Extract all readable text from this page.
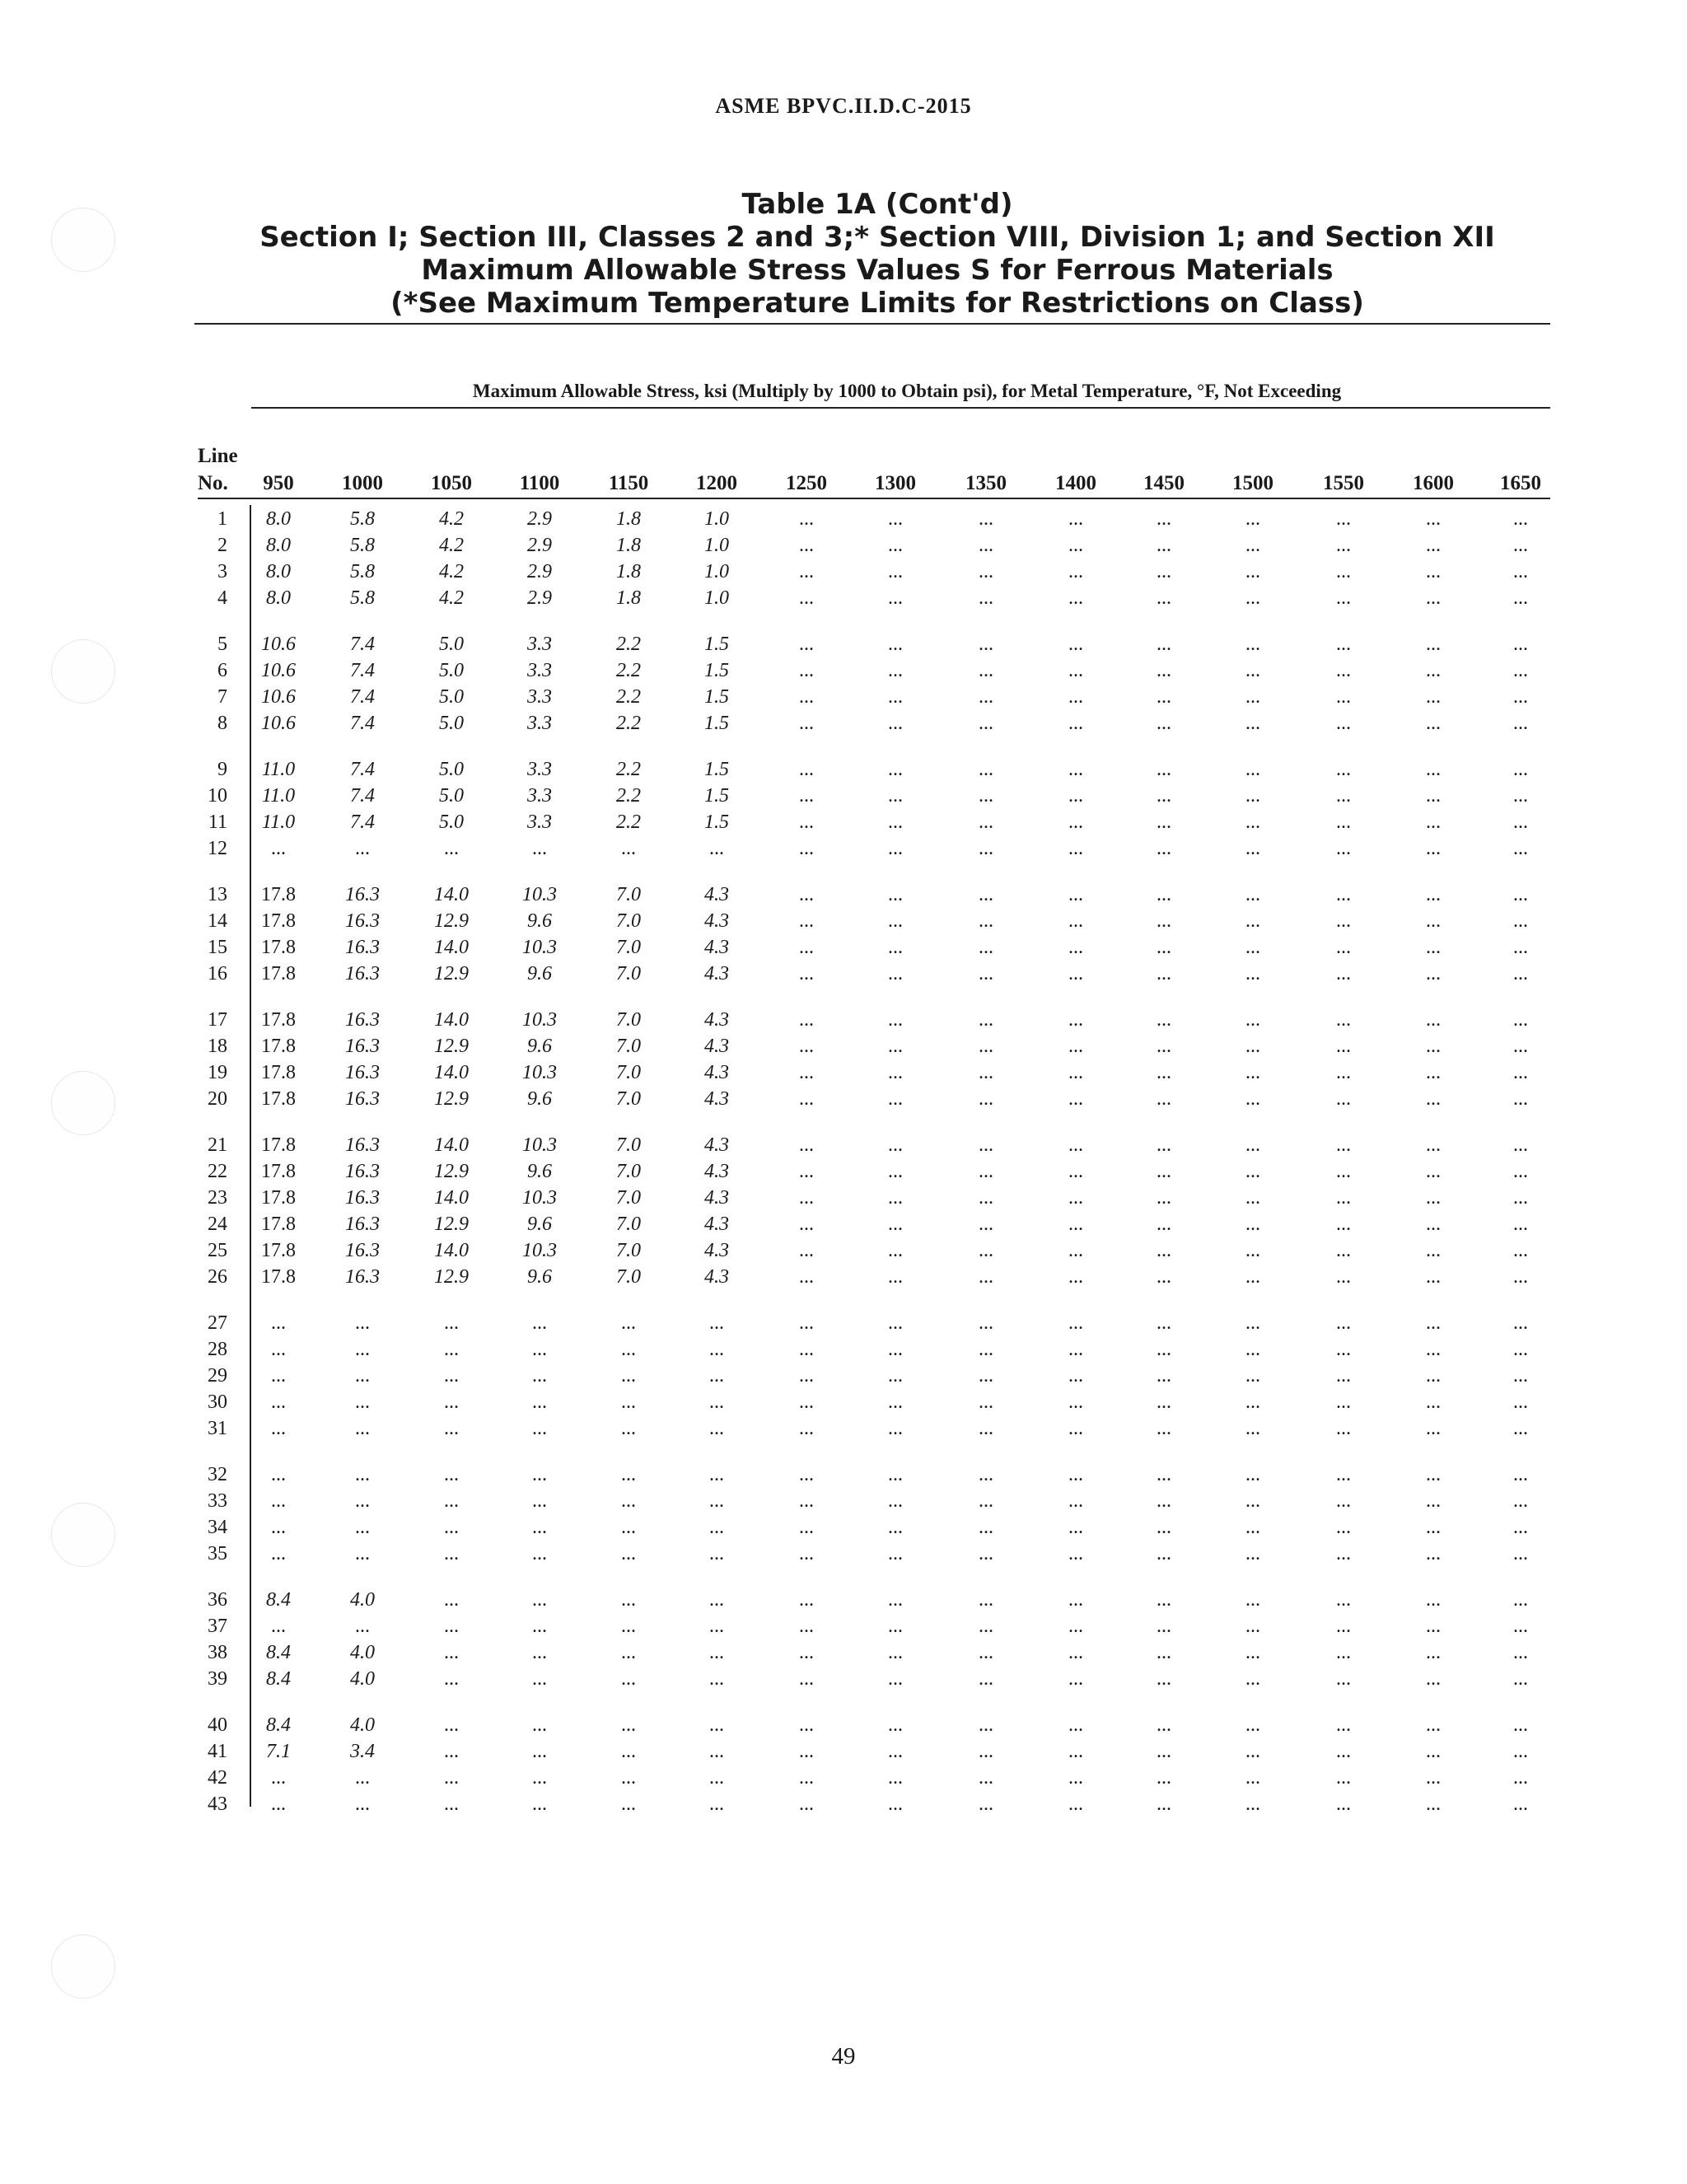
ASME BPVC.II.D.C-2015
Table 1A (Cont'd)
Section I; Section III, Classes 2 and 3;* Section VIII, Division 1; and Section XII
Maximum Allowable Stress Values S for Ferrous Materials
(*See Maximum Temperature Limits for Restrictions on Class)
Maximum Allowable Stress, ksi (Multiply by 1000 to Obtain psi), for Metal Temperature, °F, Not Exceeding
Line
No. 950 1000 1050 1100 1150 1200 1250 1300 1350 1400 1450 1500 1550 1600 1650
1 8.0	5.8	4.2	2.9	1.8	1.0	...	...	...	...	...	...	...	...	...
2 8.0	5.8	4.2	2.9	1.8	1.0	...	...	...	...	...	...	...	...	...
3 8.0	5.8	4.2	2.9	1.8	1.0	...	...	...	...	...	...	...	...	...
4 8.0	5.8	4.2	2.9	1.8	1.0	...	...	...	...	...	...	...	...	...
5 10.6	7.4	5.0	3.3	2.2	1.5	...	...	...	...	...	...	...	...	...
6 10.6	7.4	5.0	3.3	2.2	1.5	...	...	...	...	...	...	...	...	...
7 10.6	7.4	5.0	3.3	2.2	1.5	...	...	...	...	...	...	...	...	...
8 10.6	7.4	5.0	3.3	2.2	1.5	...	...	...	...	...	...	...	...	...
9 11.0	7.4	5.0	3.3	2.2	1.5	...	...	...	...	...	...	...	...	...
10 11.0	7.4	5.0	3.3	2.2	1.5	...	...	...	...	...	...	...	...	...
11 11.0	7.4	5.0	3.3	2.2	1.5	...	...	...	...	...	...	...	...	...
12 ...	...	...	...	...	...	...	...	...	...	...	...	...	...	...
13 17.8	16.3	14.0	10.3	7.0	4.3	...	...	...	...	...	...	...	...	...
14 17.8	16.3	12.9	9.6	7.0	4.3	...	...	...	...	...	...	...	...	...
15 17.8	16.3	14.0	10.3	7.0	4.3	...	...	...	...	...	...	...	...	...
16 17.8	16.3	12.9	9.6	7.0	4.3	...	...	...	...	...	...	...	...	...
17 17.8	16.3	14.0	10.3	7.0	4.3	...	...	...	...	...	...	...	...	...
18 17.8	16.3	12.9	9.6	7.0	4.3	...	...	...	...	...	...	...	...	...
19 17.8	16.3	14.0	10.3	7.0	4.3	...	...	...	...	...	...	...	...	...
20 17.8	16.3	12.9	9.6	7.0	4.3	...	...	...	...	...	...	...	...	...
21 17.8	16.3	14.0	10.3	7.0	4.3	...	...	...	...	...	...	...	...	...
22 17.8	16.3	12.9	9.6	7.0	4.3	...	...	...	...	...	...	...	...	...
23 17.8	16.3	14.0	10.3	7.0	4.3	...	...	...	...	...	...	...	...	...
24 17.8	16.3	12.9	9.6	7.0	4.3	...	...	...	...	...	...	...	...	...
25 17.8	16.3	14.0	10.3	7.0	4.3	...	...	...	...	...	...	...	...	...
26 17.8	16.3	12.9	9.6	7.0	4.3	...	...	...	...	...	...	...	...	...
27 ...	...	...	...	...	...	...	...	...	...	...	...	...	...	...
28 ...	...	...	...	...	...	...	...	...	...	...	...	...	...	...
29 ...	...	...	...	...	...	...	...	...	...	...	...	...	...	...
30 ...	...	...	...	...	...	...	...	...	...	...	...	...	...	...
31 ...	...	...	...	...	...	...	...	...	...	...	...	...	...	...
32 ...	...	...	...	...	...	...	...	...	...	...	...	...	...	...
33 ...	...	...	...	...	...	...	...	...	...	...	...	...	...	...
34 ...	...	...	...	...	...	...	...	...	...	...	...	...	...	...
35 ...	...	...	...	...	...	...	...	...	...	...	...	...	...	...
36 8.4	4.0	...	...	...	...	...	...	...	...	...	...	...	...	...
37 ...	...	...	...	...	...	...	...	...	...	...	...	...	...	...
38 8.4	4.0	...	...	...	...	...	...	...	...	...	...	...	...	...
39 8.4	4.0	...	...	...	...	...	...	...	...	...	...	...	...	...
40 8.4	4.0	...	...	...	...	...	...	...	...	...	...	...	...	...
41 7.1	3.4	...	...	...	...	...	...	...	...	...	...	...	...	...
42 ...	...	...	...	...	...	...	...	...	...	...	...	...	...	...
43 ...	...	...	...	...	...	...	...	...	...	...	...	...	...	...
49
